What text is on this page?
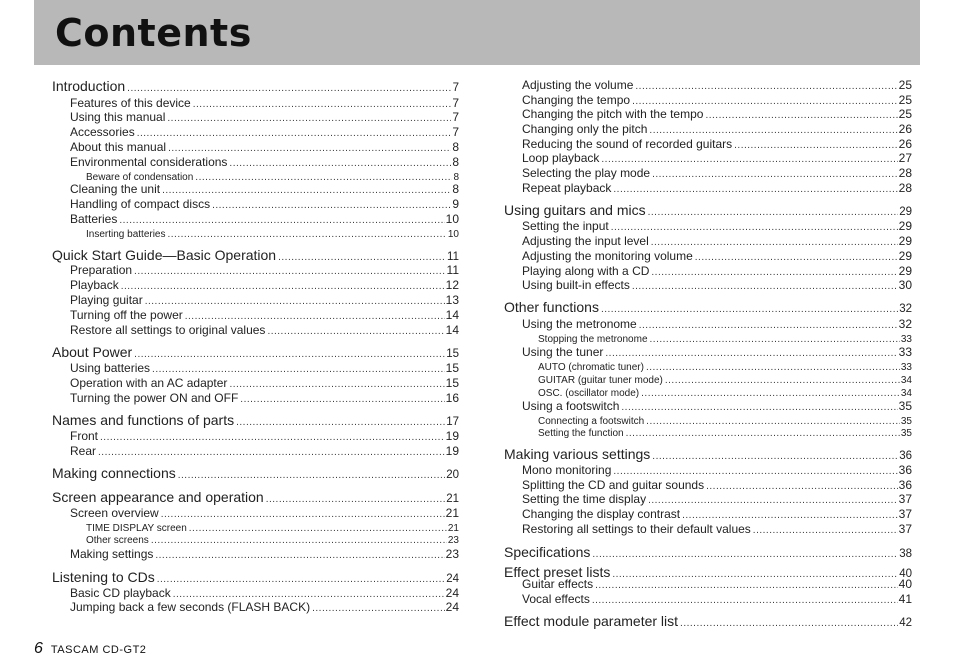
Contents
Introduction .....	7
Features of this device .....	7
Using this manual .....	7
Accessories .....	7
About this manual .....	8
Environmental considerations .....	8
Beware of condensation .....	8
Cleaning the unit .....	8
Handling of compact discs .....	9
Batteries .....	10
Inserting batteries .....	10
Quick Start Guide—Basic Operation .....	11
Preparation .....	11
Playback .....	12
Playing guitar .....	13
Turning off the power .....	14
Restore all settings to original values .....	14
About Power .....	15
Using batteries .....	15
Operation with an AC adapter .....	15
Turning the power ON and OFF .....	16
Names and functions of parts .....	17
Front .....	19
Rear .....	19
Making connections .....	20
Screen appearance and operation .....	21
Screen overview .....	21
TIME DISPLAY screen .....	21
Other screens .....	23
Making settings .....	23
Listening to CDs .....	24
Basic CD playback .....	24
Jumping back a few seconds (FLASH BACK) .....	24
Adjusting the volume .....	25
Changing the tempo .....	25
Changing the pitch with the tempo .....	25
Changing only the pitch .....	26
Reducing the sound of recorded guitars .....	26
Loop playback .....	27
Selecting the play mode .....	28
Repeat playback .....	28
Using guitars and mics .....	29
Setting the input .....	29
Adjusting the input level .....	29
Adjusting the monitoring volume .....	29
Playing along with a CD .....	29
Using built-in effects .....	30
Other functions .....	32
Using the metronome .....	32
Stopping the metronome .....	33
Using the tuner .....	33
AUTO (chromatic tuner) .....	33
GUITAR (guitar tuner mode) .....	34
OSC. (oscillator mode) .....	34
Using a footswitch .....	35
Connecting a footswitch .....	35
Setting the function .....	35
Making various settings .....	36
Mono monitoring .....	36
Splitting the CD and guitar sounds .....	36
Setting the time display .....	37
Changing the display contrast .....	37
Restoring all settings to their default values .....	37
Specifications .....	38
Effect preset lists .....	40
Guitar effects .....	40
Vocal effects .....	41
Effect module parameter list .....	42
6 TASCAM CD-GT2
